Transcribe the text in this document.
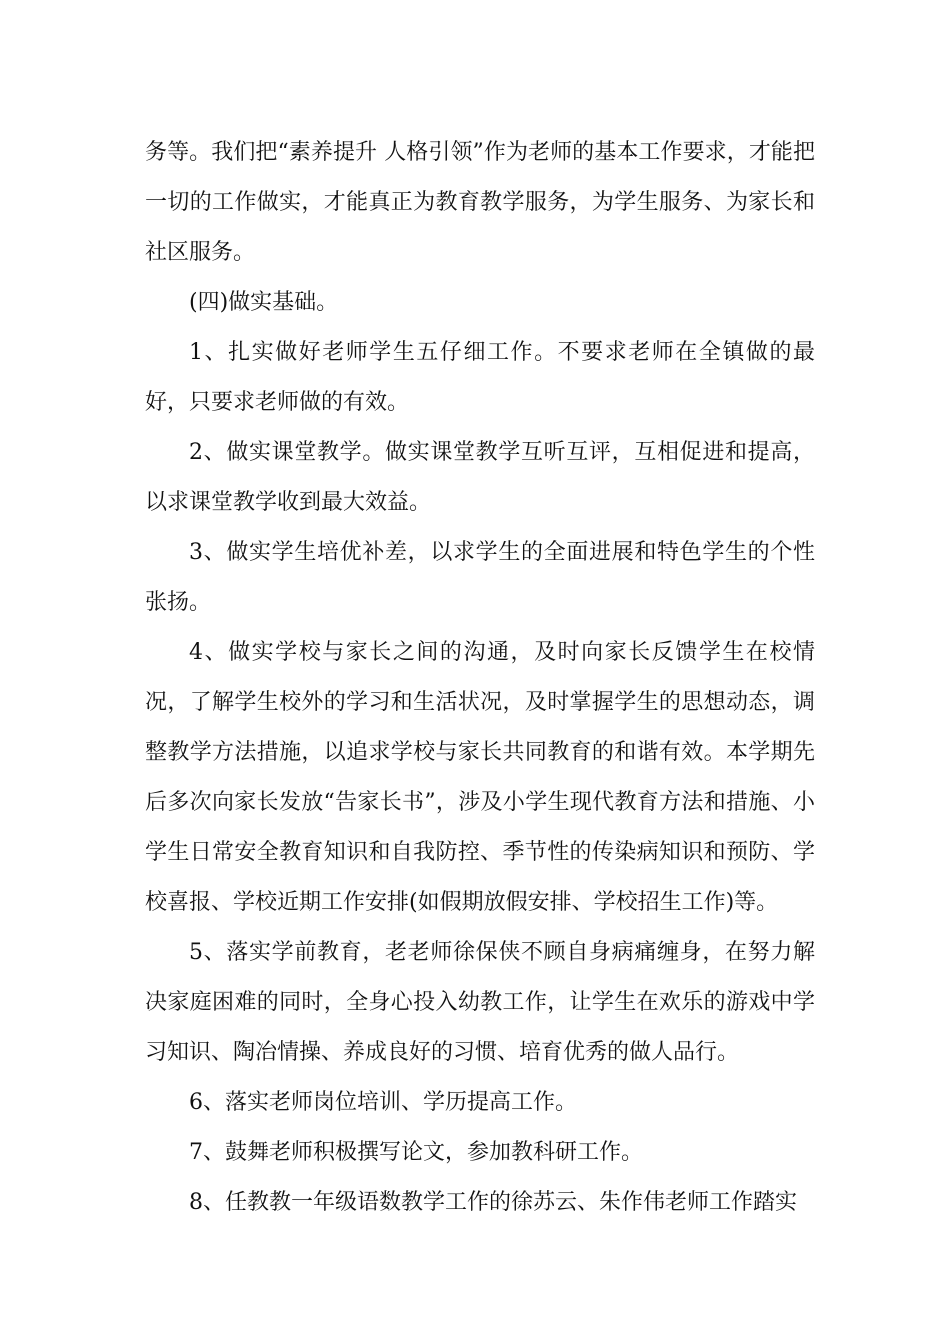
务等。我们把“素养提升 人格引领”作为老师的基本工作要求，才能把一切的工作做实，才能真正为教育教学服务，为学生服务、为家长和社区服务。

(四)做实基础。

1、扎实做好老师学生五仔细工作。不要求老师在全镇做的最好，只要求老师做的有效。

2、做实课堂教学。做实课堂教学互听互评，互相促进和提高，以求课堂教学收到最大效益。

3、做实学生培优补差，以求学生的全面进展和特色学生的个性张扬。

4、做实学校与家长之间的沟通，及时向家长反馈学生在校情况，了解学生校外的学习和生活状况，及时掌握学生的思想动态，调整教学方法措施，以追求学校与家长共同教育的和谐有效。本学期先后多次向家长发放“告家长书”，涉及小学生现代教育方法和措施、小学生日常安全教育知识和自我防控、季节性的传染病知识和预防、学校喜报、学校近期工作安排(如假期放假安排、学校招生工作)等。

5、落实学前教育，老老师徐保侠不顾自身病痛缠身，在努力解决家庭困难的同时，全身心投入幼教工作，让学生在欢乐的游戏中学习知识、陶冶情操、养成良好的习惯、培育优秀的做人品行。

6、落实老师岗位培训、学历提高工作。

7、鼓舞老师积极撰写论文，参加教科研工作。

8、任教教一年级语数教学工作的徐苏云、朱作伟老师工作踏实
